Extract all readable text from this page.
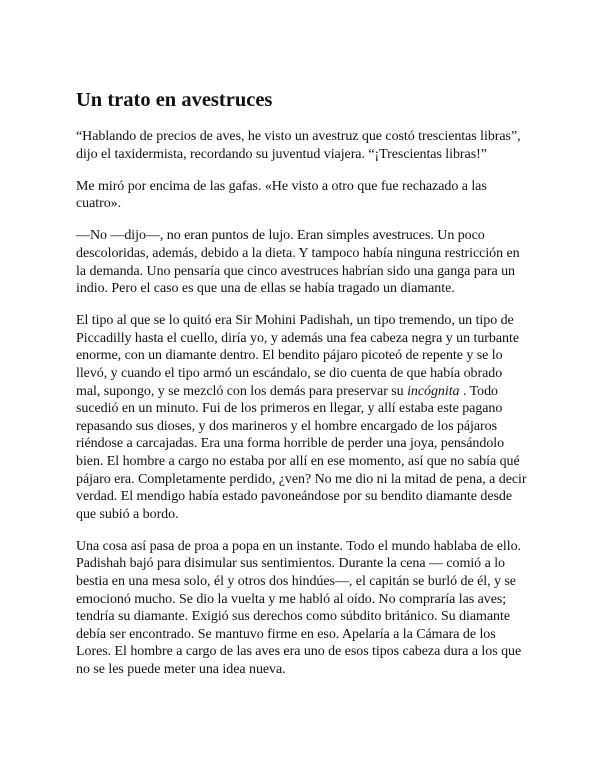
Un trato en avestruces

“Hablando de precios de aves, he visto un avestruz que costó trescientas libras”, dijo el taxidermista, recordando su juventud viajera. “¡Trescientas libras!”

Me miró por encima de las gafas. «He visto a otro que fue rechazado a las cuatro».

—No —dijo—, no eran puntos de lujo. Eran simples avestruces. Un poco descoloridas, además, debido a la dieta. Y tampoco había ninguna restricción en la demanda. Uno pensaría que cinco avestruces habrían sido una ganga para un indio. Pero el caso es que una de ellas se había tragado un diamante.

El tipo al que se lo quitó era Sir Mohini Padishah, un tipo tremendo, un tipo de Piccadilly hasta el cuello, diría yo, y además una fea cabeza negra y un turbante enorme, con un diamante dentro. El bendito pájaro picoteó de repente y se lo llevó, y cuando el tipo armó un escándalo, se dio cuenta de que había obrado mal, supongo, y se mezcló con los demás para preservar su incógnita . Todo sucedió en un minuto. Fui de los primeros en llegar, y allí estaba este pagano repasando sus dioses, y dos marineros y el hombre encargado de los pájaros riéndose a carcajadas. Era una forma horrible de perder una joya, pensándolo bien. El hombre a cargo no estaba por allí en ese momento, así que no sabía qué pájaro era. Completamente perdido, ¿ven? No me dio ni la mitad de pena, a decir verdad. El mendigo había estado pavoneándose por su bendito diamante desde que subió a bordo.

Una cosa así pasa de proa a popa en un instante. Todo el mundo hablaba de ello. Padishah bajó para disimular sus sentimientos. Durante la cena — comió a lo bestia en una mesa solo, él y otros dos hindúes—, el capitán se burló de él, y se emocionó mucho. Se dio la vuelta y me habló al oído. No compraría las aves; tendría su diamante. Exigió sus derechos como súbdito británico. Su diamante debía ser encontrado. Se mantuvo firme en eso. Apelaría a la Cámara de los Lores. El hombre a cargo de las aves era uno de esos tipos cabeza dura a los que no se les puede meter una idea nueva.
